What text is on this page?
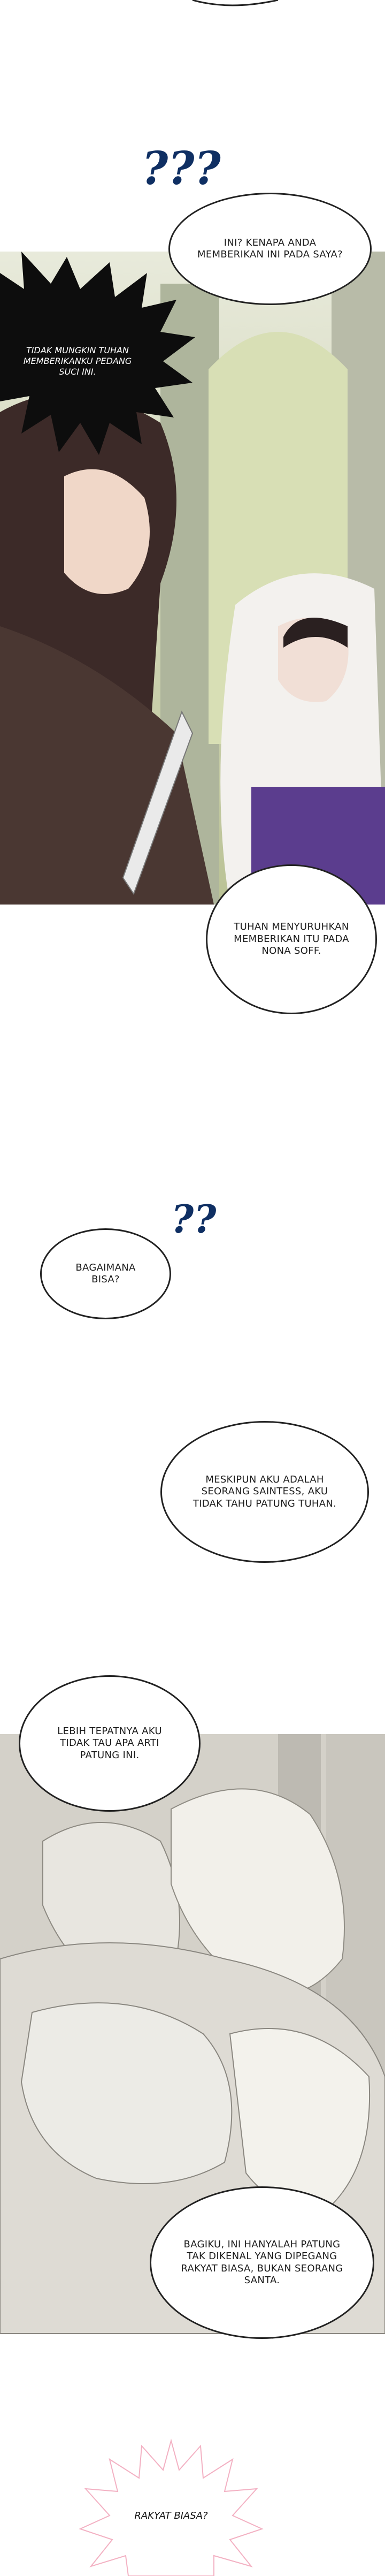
???
TIDAK MUNGKIN TUHAN MEMBERIKANKU PEDANG SUCI INI.
INI? KENAPA ANDA MEMBERIKAN INI PADA SAYA?
TUHAN MENYURUHKAN MEMBERIKAN ITU PADA NONA SOFF.
??
BAGAIMANA BISA?
MESKIPUN AKU ADALAH SEORANG SAINTESS, AKU TIDAK TAHU PATUNG TUHAN.
LEBIH TEPATNYA AKU TIDAK TAU APA ARTI PATUNG INI.
BAGIKU, INI HANYALAH PATUNG TAK DIKENAL YANG DIPEGANG RAKYAT BIASA, BUKAN SEORANG SANTA.
RAKYAT BIASA?
